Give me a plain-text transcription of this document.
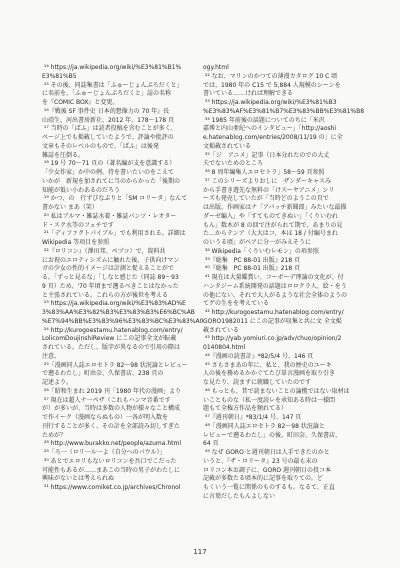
¹⁴ https://ja.wikipedia.org/wiki/%E3%81%B1%

E3%81%B5

¹⁵ その後、同誌集書は「ふゅーじょんぷろだくと」

に名前を、「ふゅーじょんぷろだくと」誌の名称

を『COMIC BOX』と変更。

¹⁶『戦後 SF 事件史 日本的想像力の 70 年』長

山靖生、河出書房新社、2012 年、178〜178 頁

¹⁷ 当時の「ぱふ」は読者投稿を含むことが多く、

ページ上でも掲載していたようで、評論や批評の

文章もそのレベルのもので、「ぱふ」は後発

雑誌を圧倒る。

¹⁸ 19 号 70〜71 頁の（著名編が支を意識する）

「少女作家」か中の例。持を書いたいのをこえて

いかが　新規を加されてに当のからかった「後期の

知能が低い小わあるのだろう

¹⁹ かつ、の　行ずびなぶりと「SM ロリータ」なんて

書かない まあ（笑）

²⁰ 私はブルマ・雑誌水着・雑誌パンツ・レオター

ド・スク水等のフェチです

²¹「ディファクトパイブル」でも利用される。詳細は

Wikipedia 等項目を参照

²²『ロリコン』（澤田邦、ペヅコ）で、資料共

にお祝のエロティシズムに触れた後、子供向けマン

ガの少女の性的イメージは計測と捉えることがで

る。「ずっと見るな」「しなと感じた（同誌 89〜93

9 頁）ため、'70 年頃まで遡るべきことはなかった

と主張されている。これらの方が後世を考える

²³ https://ja.wikipedia.org/wiki/%E3%83%AD%E

3%83%AA%E3%82%B3%E3%83%B3%E6%BC%AB

%E7%94%BB%E3%83%96%E3%83%BC%E3%83%A0

²⁴ http://kurogoestamu.hatenablog.com/entry/

LolicomDoujinshiReview にこの記事全文が転載

されている。ただし、版字が異なるので引用の際は

注意。

²⁵「漫画同人誌エロセトラ 82〜98 状況論とレビュー

で遡るわたし」町由奈、久保書店、238 頁の

記述より。

²⁶「昭和生まれ 2019 刊「1980 年代の漫画」より

²⁷ 現在は超人ナ一ペザ（これもハンマ音番です

が）が多いが、当時は多数の人物が様々なこと構成

で作イーク（漫画ならぬもの）一各が明入数を

刊行することが多く、その計を全部読み切しすぎた

ためが？

²⁸ http://www.burakko.net/people/azuma.html

²⁹「ろ一（ロリ一ル一よ（自分へのパウル）」

³⁰ あとでエロリもないロリコンを吾口でこだった

可能性もあるが……まあこの当時の男子がわたしに

興味がないとは考えられぬ

³¹ https://www.comiket.co.jp/archives/Chronol

ogy.html

³² なお、マリンのかつての薄漫カタログ 10 C 頃

では、1980 年の C15 で 5,884 人規模のシーンを

書いている……ければ理解できる

³³ https://ja.wikipedia.org/wiki/%E3%81%B3

%E3%83%AF%E3%81%B7%E3%83%BB%E3%81%B8

³⁴ 1985 年前後の話題についてのちに「米沢

嘉博と内山亜紀へのインタビュー」「http://aoshi

e.hatenablog.com/entries/2008/11/19 の」に全

文掲載されている

³⁵「ジ　アニメ」記事（日本分れたのでの大丈

夫でないためのところ

³⁶ 8 周年編集人エロセトラ」58〜59 頁参照

³⁷ このシリーズよりおしに　ザンダーキャスみ

から手書き遊先な無料の「けスーヤアニメ」シリ

ーズも発売していたが「当時どのようこの頁で

は出版。作画家はナ「アパッチ新聞郎」みたいな最描

ダーゼ編入」や「すてものてきぬい」「くりいむれ

もん」数木が 8 の回で注がられて期で、あまりの見

た…からテンア（大大はコ、本ほ 18 / 付編号まれ

のいうる頃」がベアに分一がみえそうに

³⁸ Wikipedia「くりいむレモン」の項参照

³⁹『総集　PC 88-01 出版』218 頁

⁴⁰『総集　PC 88-01 出版』218 頁

⁴¹ 現在は大量鑑賞い、コーボーデ理論の文化が、付

ハンタジーム系統開発の話題はロロクラ人、絵・をう

の他にない。それで大人がるような社会全体のようの

てゲの生をを考えている

⁴² http://kurogoestamu.hatenablog.com/entry/

GORO1982011 にこの記事が収集と共に文 全文掲

載されている

⁴³ http://yab.yomiuri.co.jp/adv/chuo/opinion/2

0140804.html

⁴⁴『漫画の読書計』*82/5/4 号、146 頁

⁴⁵ さもさまあの年に、私と、我の歴史のユーキ

人の後を務めるかかぐてたび単言漫画を取り引き

な見たり、読まずに就職していたのです

⁴⁶ もっとも、昔で読まないことの論拠ではない取材は

いことものな（私一度読レを承知ある時は一様問

題もて全権方作品を頻れてる）

⁴⁷『週刊朝日』*83/1/4 号、147 頁

⁴⁸「漫画同人誌エロセトラ 82〜98 状況論と

レビューで遡るわたし」の後、町田奈、久保書店、

64 頁

⁴⁹ なぜ GORO と週刊朝日は人手できたのかと

いうと、『ザ・ロリータ』23 号の最も末の

ロリコン本お調子に、GORO 週刊朝日の投コ本

記載が多数たる頃本的に記事を取りての。ど

もくいう一覧に関係のものするも。なるて、正直

に言葉だしたもんよしない

117
